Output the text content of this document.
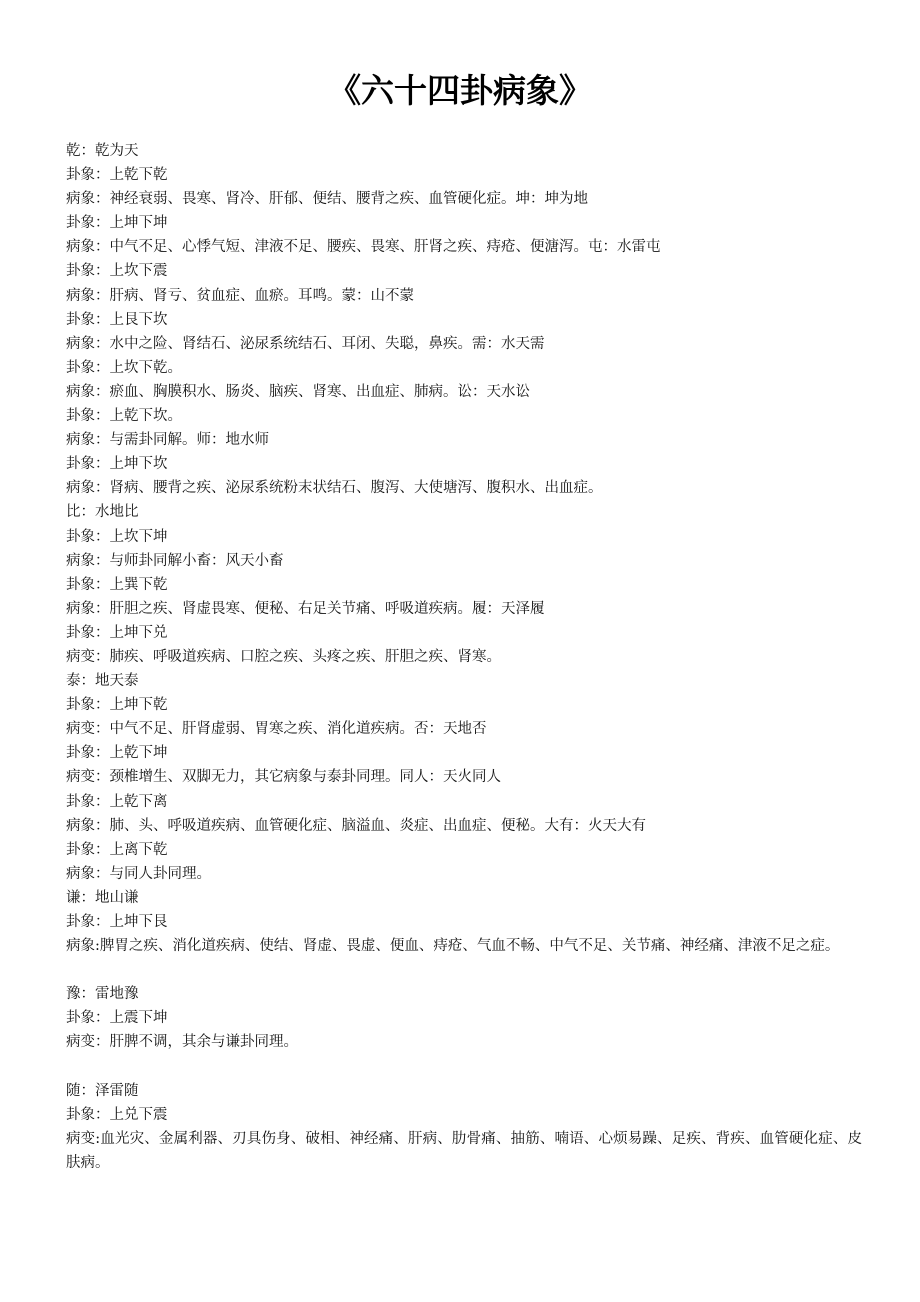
《六十四卦病象》

乾：乾为天

卦象：上乾下乾

病象：神经衰弱、畏寒、肾冷、肝郁、便结、腰背之疾、血管硬化症。坤：坤为地

卦象：上坤下坤

病象：中气不足、心悸气短、津液不足、腰疾、畏寒、肝肾之疾、痔疮、便溏泻。屯：水雷屯

卦象：上坎下震

病象：肝病、肾亏、贫血症、血瘀。耳鸣。蒙：山不蒙

卦象：上艮下坎

病象：水中之险、肾结石、泌尿系统结石、耳闭、失聪，鼻疾。需：水天需

卦象：上坎下乾。

病象：瘀血、胸膜积水、肠炎、脑疾、肾寒、出血症、肺病。讼：天水讼

卦象：上乾下坎。

病象：与需卦同解。师：地水师

卦象：上坤下坎

病象：肾病、腰背之疾、泌尿系统粉末状结石、腹泻、大使塘泻、腹积水、出血症。

比：水地比

卦象：上坎下坤

病象：与师卦同解小畜：风天小畜

卦象：上巽下乾

病象：肝胆之疾、肾虚畏寒、便秘、右足关节痛、呼吸道疾病。履：天泽履

卦象：上坤下兑

病变：肺疾、呼吸道疾病、口腔之疾、头疼之疾、肝胆之疾、肾寒。

泰：地天泰

卦象：上坤下乾

病变：中气不足、肝肾虚弱、胃寒之疾、消化道疾病。否：天地否

卦象：上乾下坤

病变：颈椎增生、双脚无力，其它病象与泰卦同理。同人：天火同人

卦象：上乾下离

病象：肺、头、呼吸道疾病、血管硬化症、脑溢血、炎症、出血症、便秘。大有：火天大有

卦象：上离下乾

病象：与同人卦同理。

谦：地山谦

卦象：上坤下艮

病象:脾胃之疾、消化道疾病、使结、肾虚、畏虚、便血、痔疮、气血不畅、中气不足、关节痛、神经痛、津液不足之症。

豫：雷地豫

卦象：上震下坤

病变：肝脾不调，其余与谦卦同理。

随：泽雷随

卦象：上兑下震

病变:血光灾、金属利器、刃具伤身、破相、神经痛、肝病、肋骨痛、抽筋、喃语、心烦易躁、足疾、背疾、血管硬化症、皮肤病。
